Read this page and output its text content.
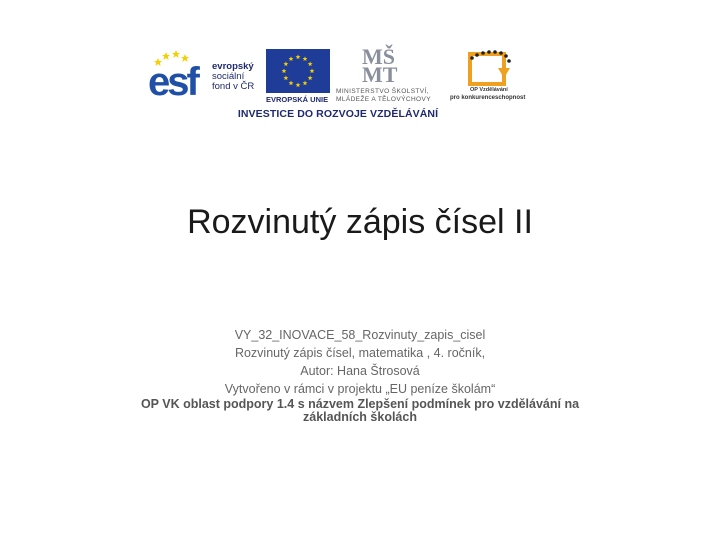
esf evropský
sociální
fond v ČR
EVROPSKÁ UNIE
MŠ
MT
MINISTERSTVO ŠKOLSTVÍ,
MLÁDEŽE A TĚLOVÝCHOVY
OP Vzdělávání
pro konkurenceschopnost
INVESTICE DO ROZVOJE VZDĚLÁVÁNÍ
Rozvinutý zápis čísel II
VY_32_INOVACE_58_Rozvinuty_zapis_cisel
Rozvinutý zápis čísel, matematika , 4. ročník,
Autor: Hana Štrosová
Vytvořeno v rámci v projektu „EU peníze školám“
OP VK oblast podpory 1.4 s názvem Zlepšení podmínek pro vzdělávání na základních školách
